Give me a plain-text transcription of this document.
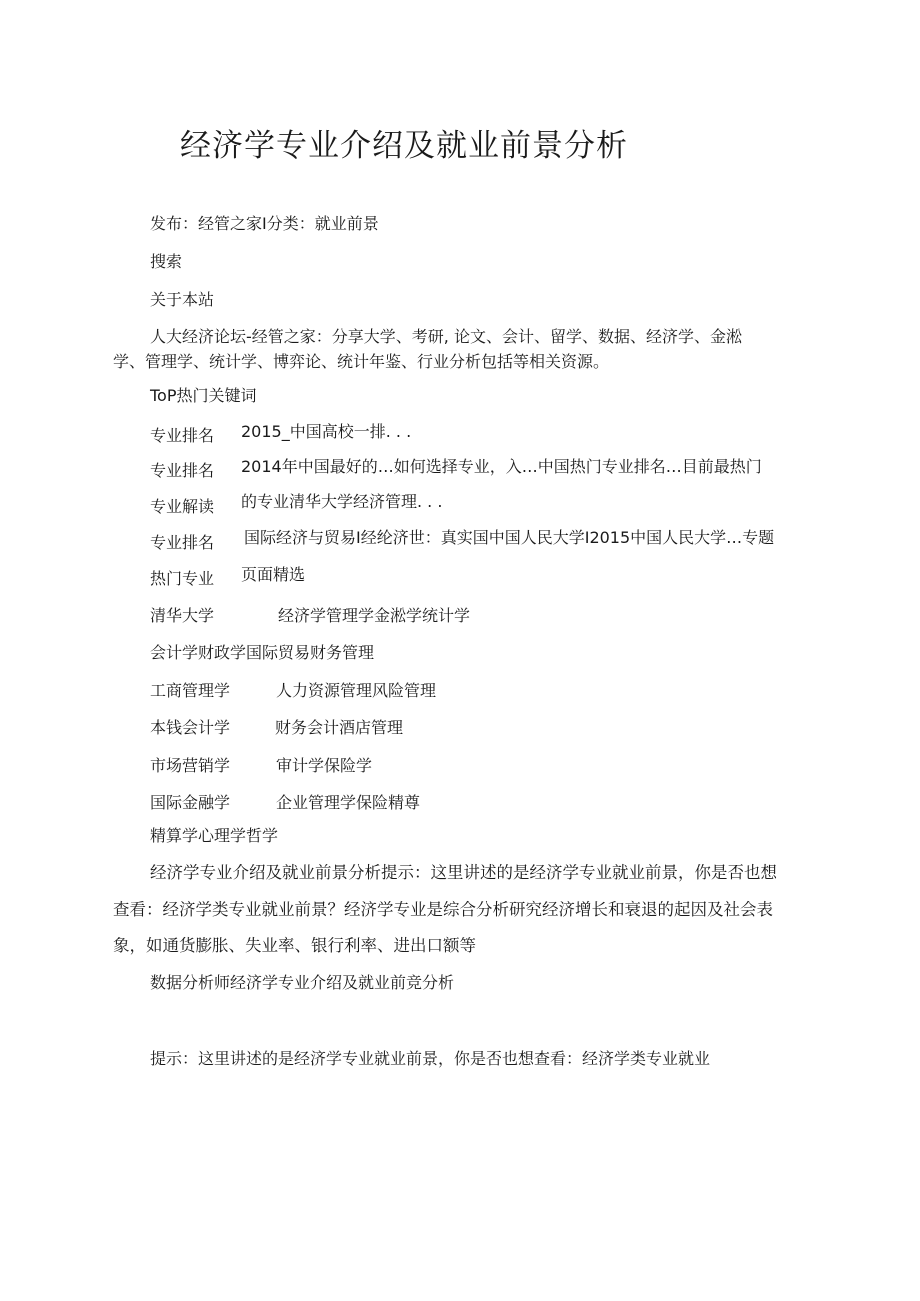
经济学专业介绍及就业前景分析
发布：经管之家I分类：就业前景
搜索
关于本站
人大经济论坛-经管之家：分享大学、考研, 论文、会计、留学、数据、经济学、金淞
学、管理学、统计学、博弈论、统计年鉴、行业分析包括等相关资源。
ToP热门关键词
专业排名 2015_中国高校一排. . .
专业排名 2014年中国最好的…如何选择专业，入…中国热门专业排名…目前最热门
专业解读 的专业清华大学经济管理. . .
专业排名 国际经济与贸易I经纶济世：真实国中国人民大学I2015中国人民大学…专题
热门专业 页面精选
清华大学	经济学管理学金淞学统计学
会计学财政学国际贸易财务管理
工商管理学	人力资源管理风险管理
本钱会计学	财务会计酒店管理
市场营销学	审计学保险学
国际金融学	企业管理学保险精尊
精算学心理学哲学
经济学专业介绍及就业前景分析提示：这里讲述的是经济学专业就业前景，你是否也想
查看：经济学类专业就业前景？经济学专业是综合分析研究经济增长和衰退的起因及社会表
象，如通货膨胀、失业率、银行利率、进出口额等
数据分析师经济学专业介绍及就业前竞分析
提示：这里讲述的是经济学专业就业前景，你是否也想查看：经济学类专业就业
